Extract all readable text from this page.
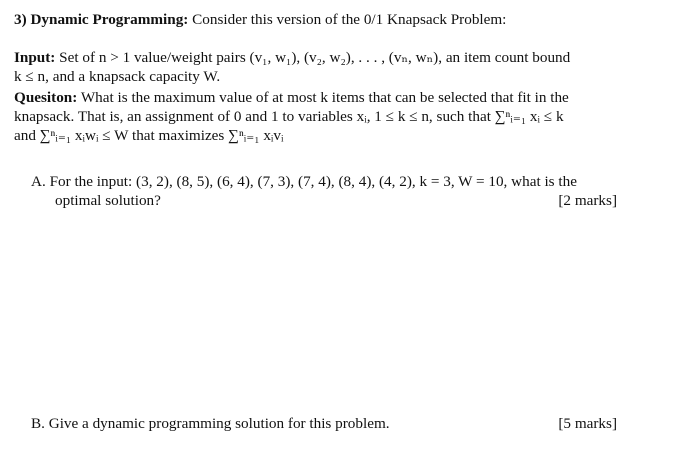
3) Dynamic Programming: Consider this version of the 0/1 Knapsack Problem:
Input: Set of n > 1 value/weight pairs (v₁, w₁), (v₂, w₂), . . . , (vₙ, wₙ), an item count bound
k ≤ n, and a knapsack capacity W.
Quesiton: What is the maximum value of at most k items that can be selected that fit in the
knapsack. That is, an assignment of 0 and 1 to variables xᵢ, 1 ≤ k ≤ n, such that ∑ⁿᵢ₌₁ xᵢ ≤ k
and ∑ⁿᵢ₌₁ xᵢwᵢ ≤ W that maximizes ∑ⁿᵢ₌₁ xᵢvᵢ
A. For the input: (3, 2), (8, 5), (6, 4), (7, 3), (7, 4), (8, 4), (4, 2), k = 3, W = 10, what is the
optimal solution?	[2 marks]
B. Give a dynamic programming solution for this problem.	[5 marks]
